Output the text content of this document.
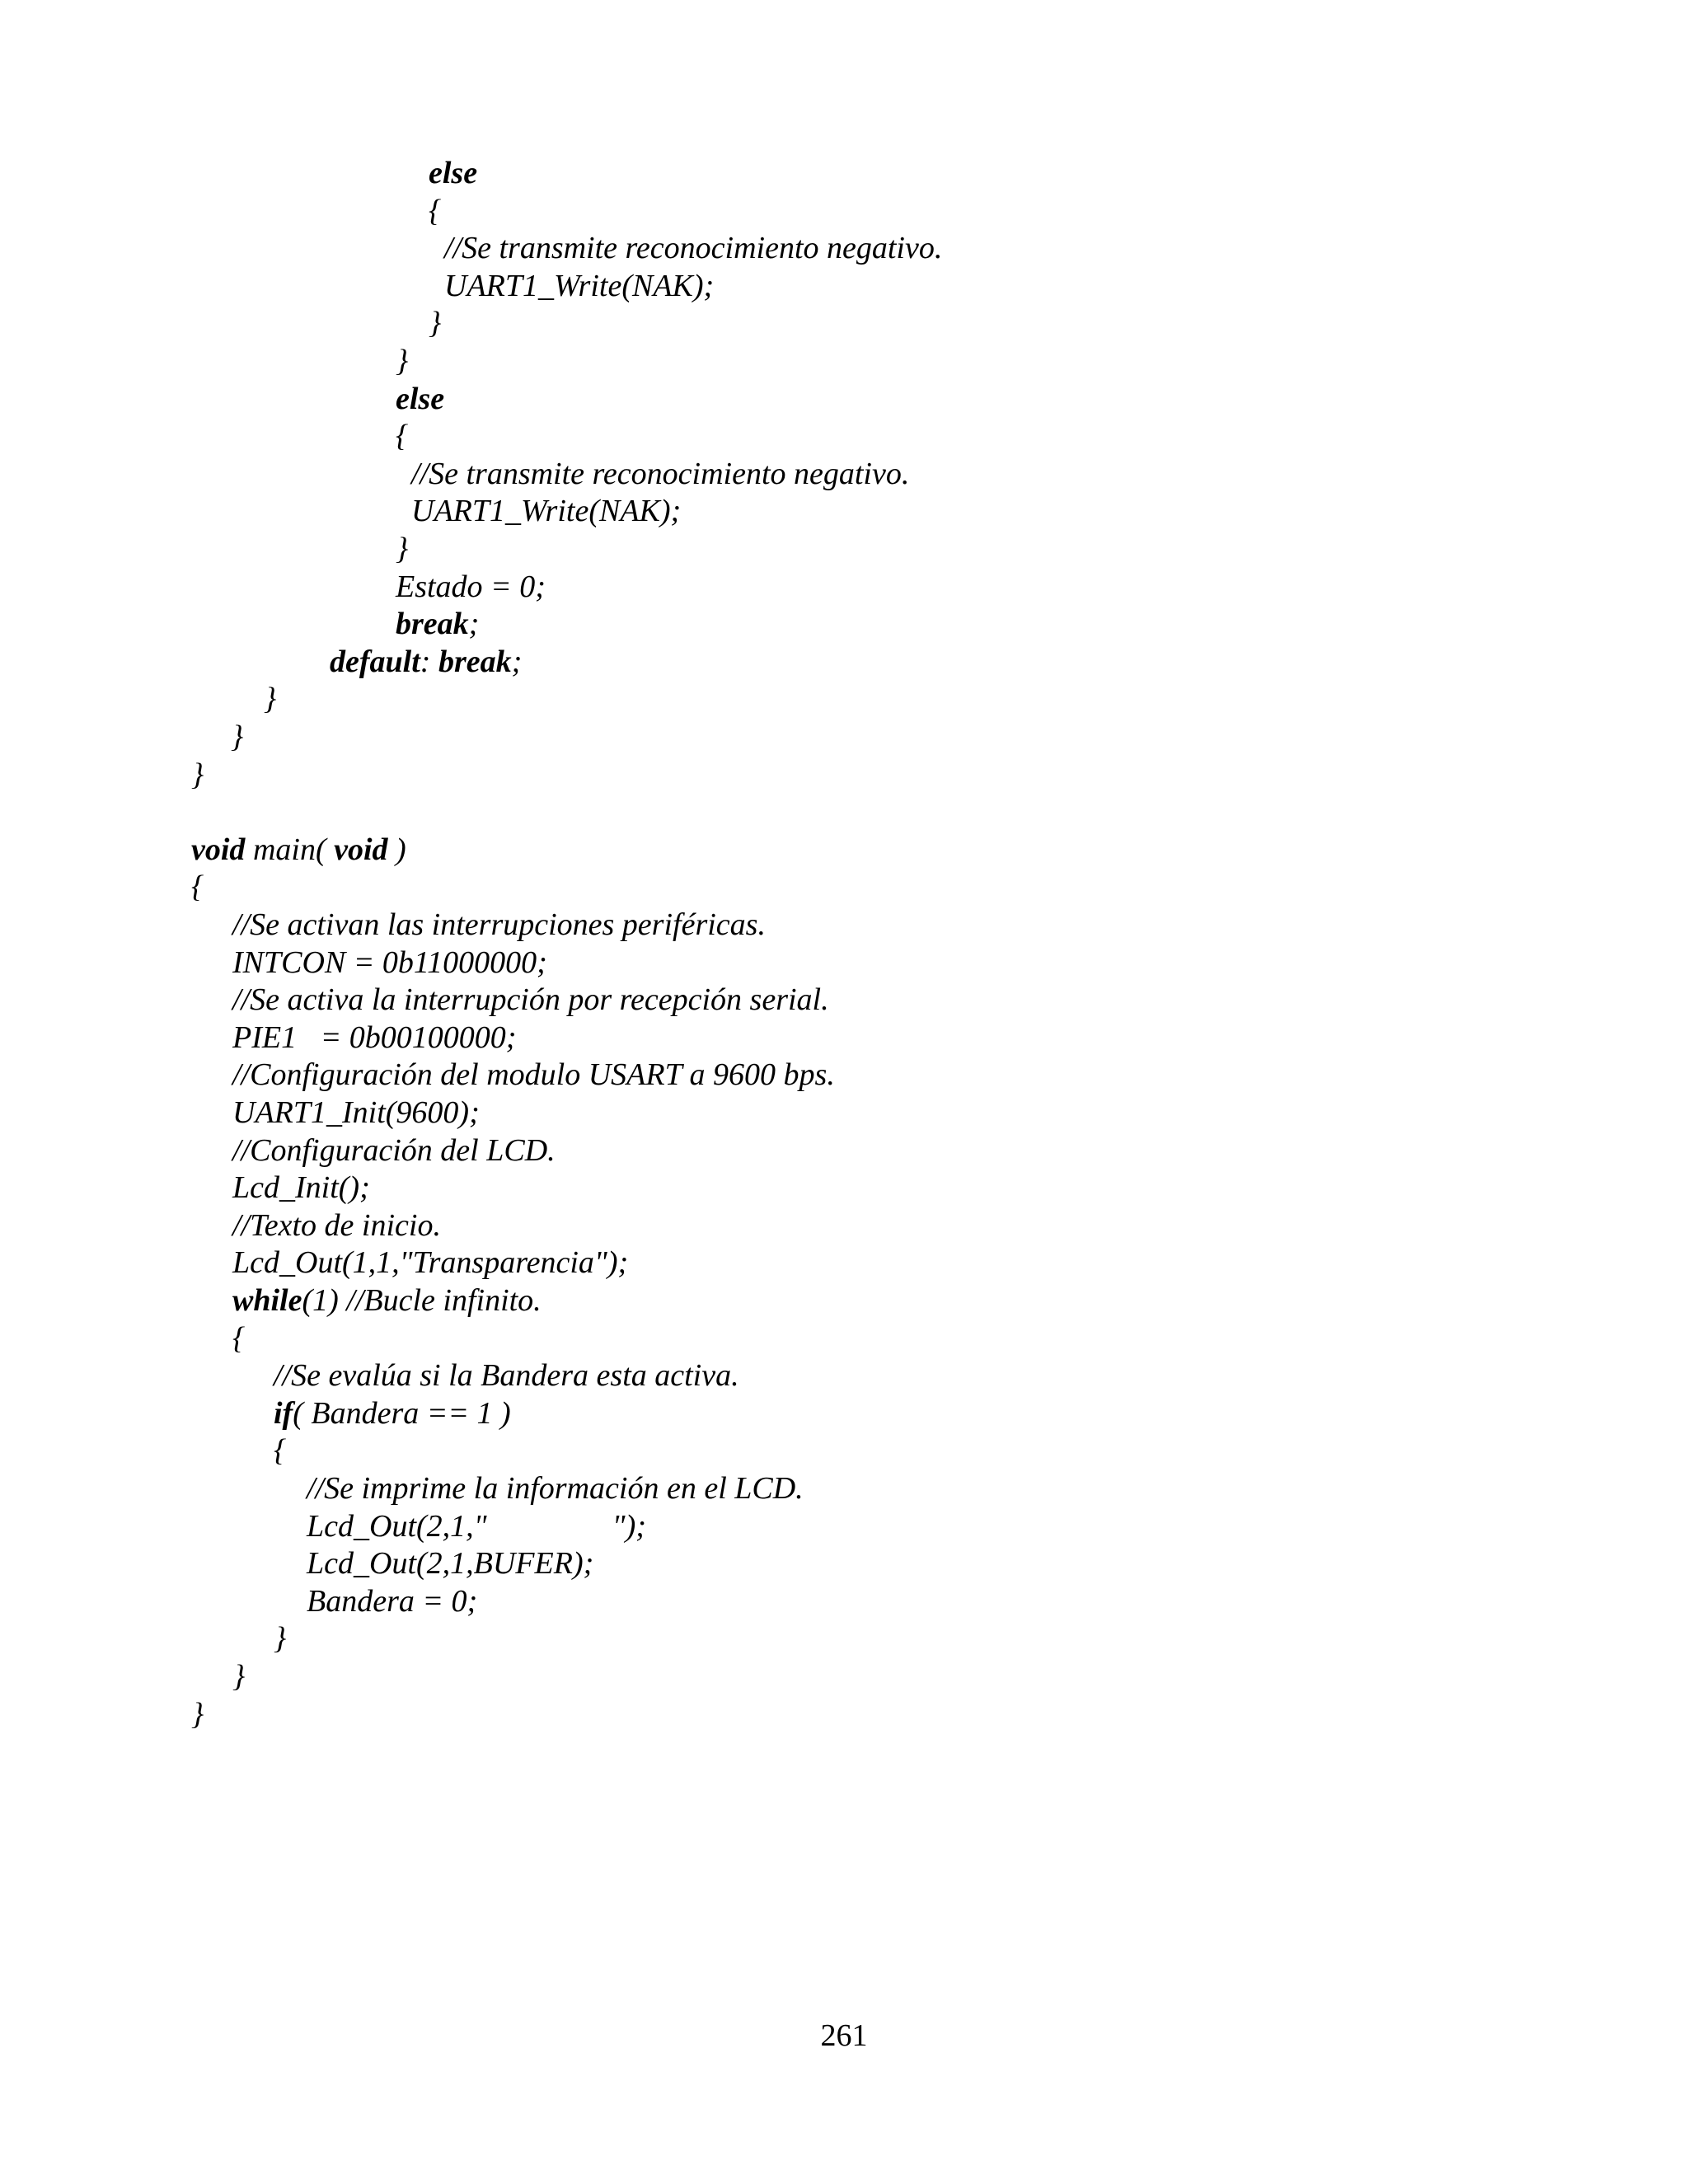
else
{
//Se transmite reconocimiento negativo.
UART1_Write(NAK);
}
}
else
{
//Se transmite reconocimiento negativo.
UART1_Write(NAK);
}
Estado = 0;
break;
default: break;
}
}
}
void main( void )
{
//Se activan las interrupciones periféricas.
INTCON = 0b11000000;
//Se activa la interrupción por recepción serial.
PIE1   = 0b00100000;
//Configuración del modulo USART a 9600 bps.
UART1_Init(9600);
//Configuración del LCD.
Lcd_Init();
//Texto de inicio.
Lcd_Out(1,1,"Transparencia");
while(1) //Bucle infinito.
{
//Se evalúa si la Bandera esta activa.
if( Bandera == 1 )
{
//Se imprime la información en el LCD.
Lcd_Out(2,1,"                ");
Lcd_Out(2,1,BUFER);
Bandera = 0;
}
}
}
261
